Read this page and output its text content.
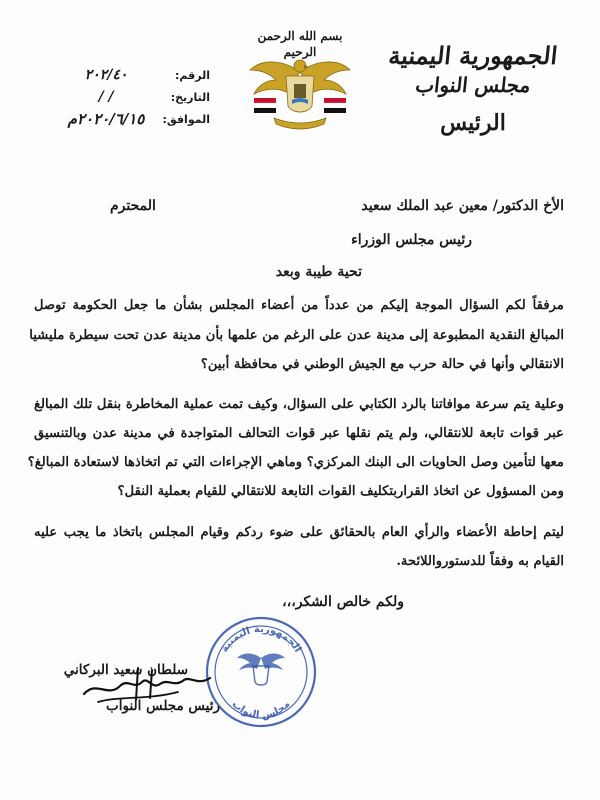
الجمهورية اليمنية
مجلس النواب
الرئيس
بسم الله الرحمن الرحيم
الرقم:
٢٠٢/٤٠
التاريخ:
/ /
الموافق:
٢٠٢٠/٦/١٥م
الأخ الدكتور/ معين عبد الملك سعيد
المحترم
رئيس مجلس الوزراء
تحية طيبة وبعد
مرفقاً لكم السؤال الموجة إليكم من عدداً من أعضاء المجلس بشأن ما جعل الحكومة توصل
المبالغ النقدية المطبوعة إلى مدينة عدن على الرغم من علمها بأن مدينة عدن تحت سيطرة مليشيا
الانتقالي وأنها في حالة حرب مع الجيش الوطني في محافظة أبين؟
وعلية يتم سرعة موافاتنا بالرد الكتابي على السؤال، وكيف تمت عملية المخاطرة بنقل تلك المبالغ
عبر قوات تابعة للانتقالي، ولم يتم نقلها عبر قوات التحالف المتواجدة في مدينة عدن وبالتنسيق
معها لتأمين وصل الحاويات الى البنك المركزي؟ وماهي الإجراءات التي تم اتخاذها لاستعادة المبالغ؟
ومن المسؤول عن اتخاذ القراربتكليف القوات التابعة للانتقالي للقيام بعملية النقل؟
ليتم إحاطة الأعضاء والرأي العام بالحقائق على ضوء ردكم وقيام المجلس باتخاذ ما يجب عليه
القيام به وفقاً للدستورواللائحة.
ولكم خالص الشكر،،،
الجمهورية اليمنية
مجلس النواب
سلطان سعيد البركاني
رئيس مجلس النواب
